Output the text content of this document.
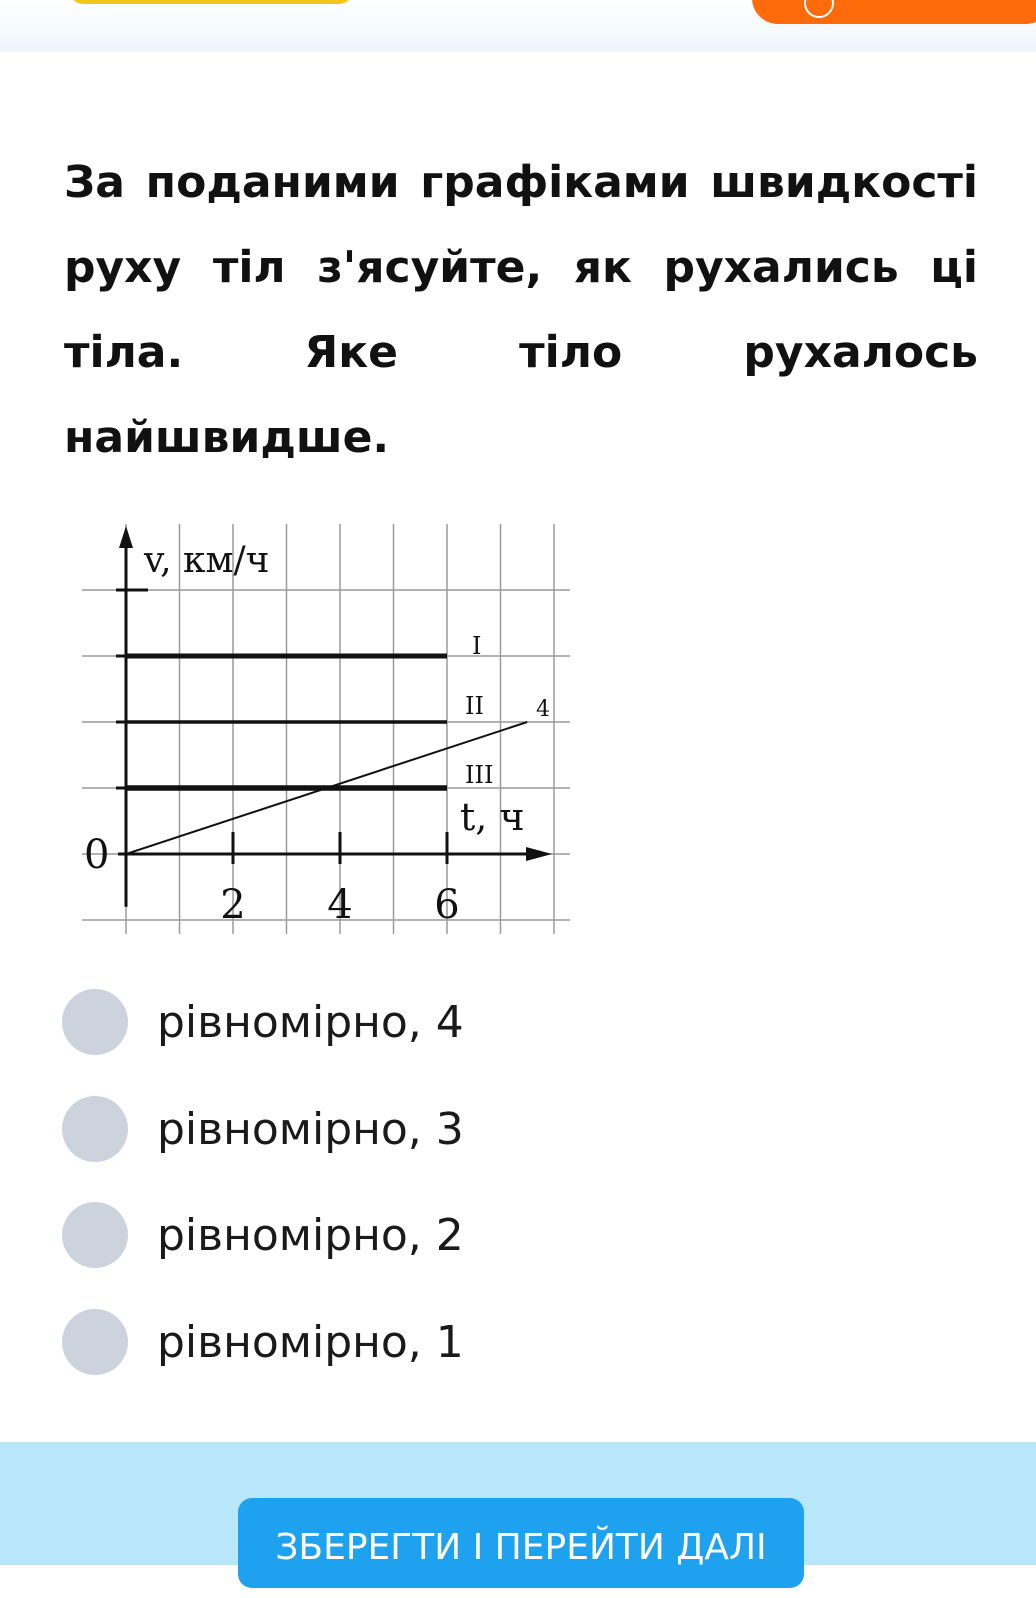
За поданими графіками швидкості руху тіл з'ясуйте, як рухались ці тіла. Яке тіло рухалось найшвидше.

2 4 6
0
v, км/ч
t, ч
I
II
III
4
рівномірно, 4
рівномірно, 3
рівномірно, 2
рівномірно, 1
ЗБЕРЕГТИ І ПЕРЕЙТИ ДАЛІ
